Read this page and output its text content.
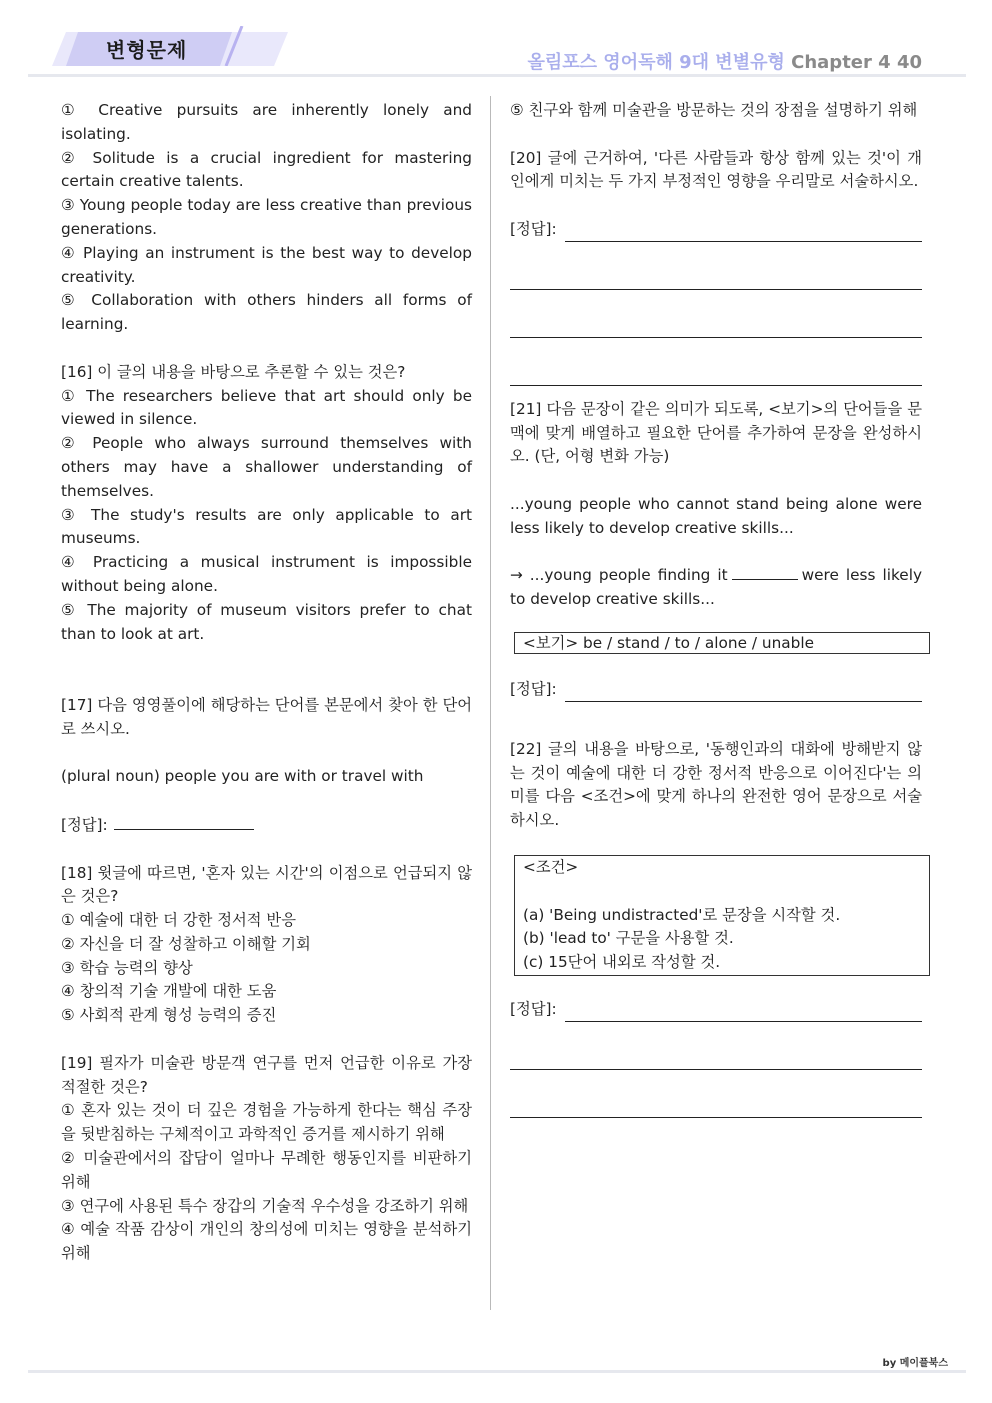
변형문제
올림포스 영어독해 9대 변별유형 Chapter 4 40

① Creative pursuits are inherently lonely and isolating.

② Solitude is a crucial ingredient for mastering certain creative talents.

③ Young people today are less creative than previous generations.

④ Playing an instrument is the best way to develop creativity.

⑤ Collaboration with others hinders all forms of learning.

[16] 이 글의 내용을 바탕으로 추론할 수 있는 것은?

① The researchers believe that art should only be viewed in silence.

② People who always surround themselves with others may have a shallower understanding of themselves.

③ The study's results are only applicable to art museums.

④ Practicing a musical instrument is impossible without being alone.

⑤ The majority of museum visitors prefer to chat than to look at art.

[17] 다음 영영풀이에 해당하는 단어를 본문에서 찾아 한 단어로 쓰시오.

(plural noun) people you are with or travel with

[정답]:

[18] 윗글에 따르면, '혼자 있는 시간'의 이점으로 언급되지 않은 것은?

① 예술에 대한 더 강한 정서적 반응

② 자신을 더 잘 성찰하고 이해할 기회

③ 학습 능력의 향상

④ 창의적 기술 개발에 대한 도움

⑤ 사회적 관계 형성 능력의 증진

[19] 필자가 미술관 방문객 연구를 먼저 언급한 이유로 가장 적절한 것은?

① 혼자 있는 것이 더 깊은 경험을 가능하게 한다는 핵심 주장을 뒷받침하는 구체적이고 과학적인 증거를 제시하기 위해

② 미술관에서의 잡담이 얼마나 무례한 행동인지를 비판하기 위해

③ 연구에 사용된 특수 장갑의 기술적 우수성을 강조하기 위해

④ 예술 작품 감상이 개인의 창의성에 미치는 영향을 분석하기 위해

⑤ 친구와 함께 미술관을 방문하는 것의 장점을 설명하기 위해

[20] 글에 근거하여, '다른 사람들과 항상 함께 있는 것'이 개인에게 미치는 두 가지 부정적인 영향을 우리말로 서술하시오.

[정답]:

[21] 다음 문장이 같은 의미가 되도록, <보기>의 단어들을 문맥에 맞게 배열하고 필요한 단어를 추가하여 문장을 완성하시오. (단, 어형 변화 가능)

...young people who cannot stand being alone were less likely to develop creative skills...

→ ...young people finding it	were less likely to develop creative skills...

<보기> be / stand / to / alone / unable
[정답]:

[22] 글의 내용을 바탕으로, '동행인과의 대화에 방해받지 않는 것이 예술에 대한 더 강한 정서적 반응으로 이어진다'는 의미를 다음 <조건>에 맞게 하나의 완전한 영어 문장으로 서술하시오.

<조건>
(a) 'Being undistracted'로 문장을 시작할 것.
(b) 'lead to' 구문을 사용할 것.
(c) 15단어 내외로 작성할 것.
[정답]:
by 메이플북스
